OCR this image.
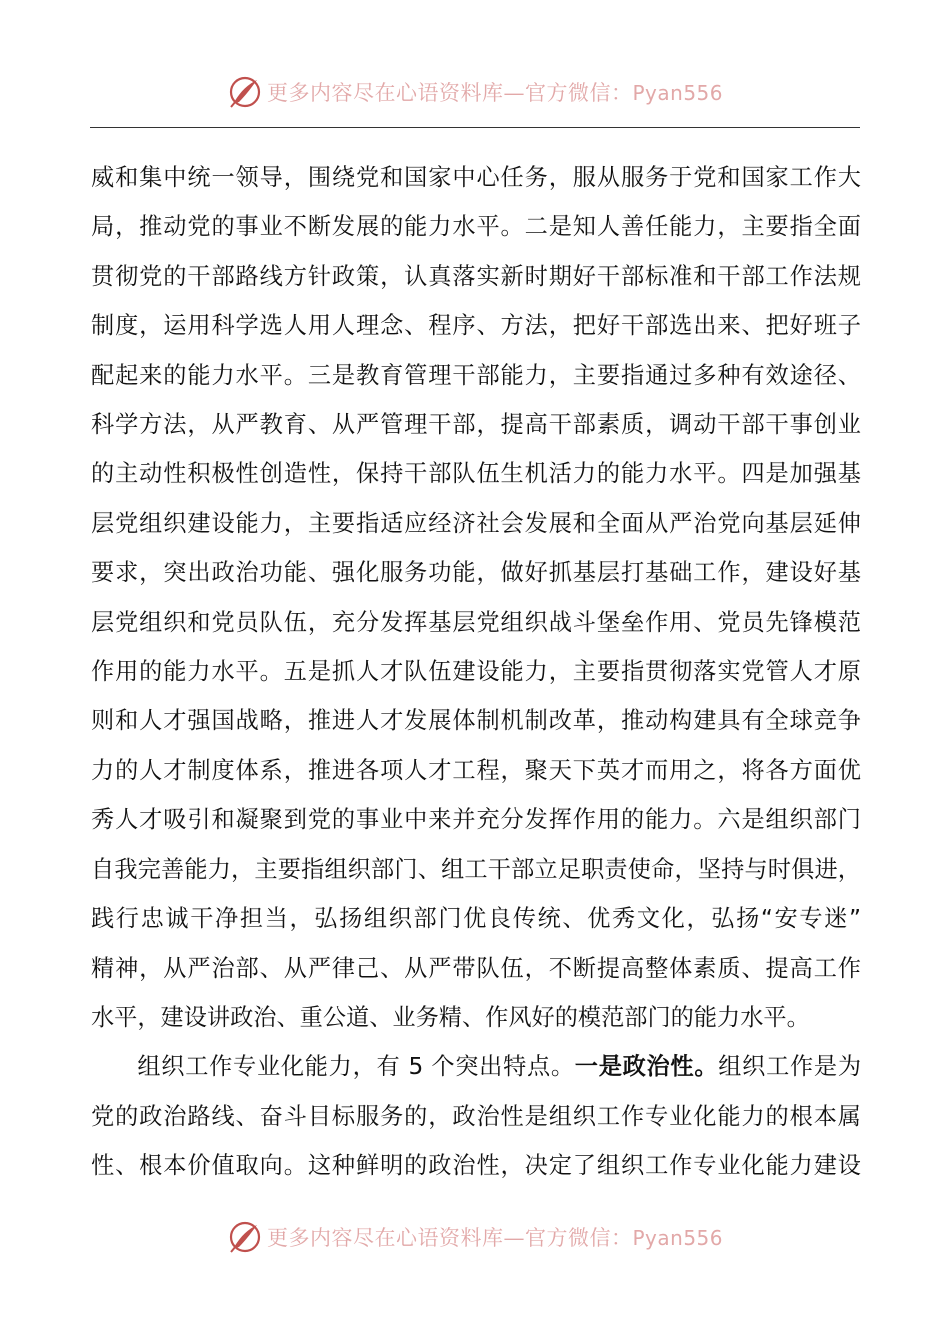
更多内容尽在心语资料库—官方微信：Pyan556

威和集中统一领导，围绕党和国家中心任务，服从服务于党和国家工作大
局，推动党的事业不断发展的能力水平。二是知人善任能力，主要指全面
贯彻党的干部路线方针政策，认真落实新时期好干部标准和干部工作法规
制度，运用科学选人用人理念、程序、方法，把好干部选出来、把好班子
配起来的能力水平。三是教育管理干部能力，主要指通过多种有效途径、
科学方法，从严教育、从严管理干部，提高干部素质，调动干部干事创业
的主动性积极性创造性，保持干部队伍生机活力的能力水平。四是加强基
层党组织建设能力，主要指适应经济社会发展和全面从严治党向基层延伸
要求，突出政治功能、强化服务功能，做好抓基层打基础工作，建设好基
层党组织和党员队伍，充分发挥基层党组织战斗堡垒作用、党员先锋模范
作用的能力水平。五是抓人才队伍建设能力，主要指贯彻落实党管人才原
则和人才强国战略，推进人才发展体制机制改革，推动构建具有全球竞争
力的人才制度体系，推进各项人才工程，聚天下英才而用之，将各方面优
秀人才吸引和凝聚到党的事业中来并充分发挥作用的能力。六是组织部门
自我完善能力，主要指组织部门、组工干部立足职责使命，坚持与时俱进，
践行忠诚干净担当，弘扬组织部门优良传统、优秀文化，弘扬“安专迷”
精神，从严治部、从严律己、从严带队伍，不断提高整体素质、提高工作
水平，建设讲政治、重公道、业务精、作风好的模范部门的能力水平。

组织工作专业化能力，有 5 个突出特点。一是政治性。组织工作是为
党的政治路线、奋斗目标服务的，政治性是组织工作专业化能力的根本属
性、根本价值取向。这种鲜明的政治性，决定了组织工作专业化能力建设

更多内容尽在心语资料库—官方微信：Pyan556
